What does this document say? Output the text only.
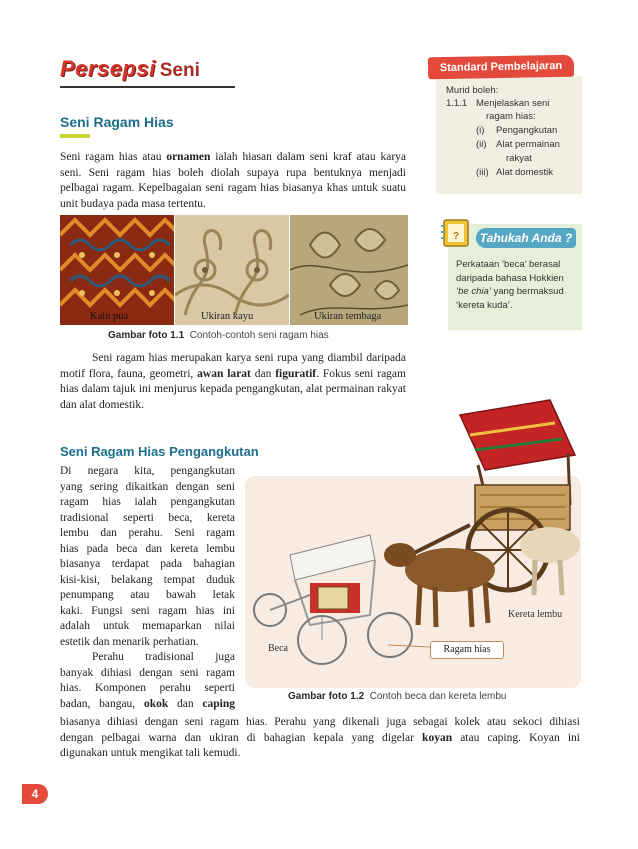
Persepsi Seni
Murid boleh:
1.1.1 Menjelaskan seni
ragam hias:
(i) Pengangkutan
(ii) Alat permainan
rakyat
(iii) Alat domestik
Standard Pembelajaran
Seni Ragam Hias
Seni ragam hias atau ornamen ialah hiasan dalam seni kraf atau karya seni. Seni ragam hias boleh diolah supaya rupa bentuknya menjadi pelbagai ragam. Kepelbagaian seni ragam hias biasanya khas untuk suatu unit budaya pada masa tertentu.
Kain pua	Ukiran kayu	Ukiran tembaga
Gambar foto 1.1 Contoh-contoh seni ragam hias
?	Tahukah Anda ?
Perkataan ‘beca’ berasal
daripada bahasa Hokkien
‘be chia’ yang bermaksud
‘kereta kuda’.
Seni ragam hias merupakan karya seni rupa yang diambil daripada motif flora, fauna, geometri, awan larat dan figuratif. Fokus seni ragam hias dalam tajuk ini menjurus kepada pengangkutan, alat permainan rakyat dan alat domestik.
Seni Ragam Hias Pengangkutan
Di negara kita, pengangkutan
yang sering dikaitkan dengan seni
ragam hias ialah pengangkutan
tradisional seperti beca, kereta
lembu dan perahu. Seni ragam
hias pada beca dan kereta lembu
biasanya terdapat pada bahagian
kisi-kisi, belakang tempat duduk
penumpang atau bawah letak
kaki. Fungsi seni ragam hias ini
adalah untuk memaparkan nilai
estetik dan menarik perhatian.
Perahu tradisional juga
banyak dihiasi dengan seni ragam
hias. Komponen perahu seperti
badan, bangau, okok dan caping
Beca	Ragam hias
Kereta lembu
Gambar foto 1.2 Contoh beca dan kereta lembu
biasanya dihiasi dengan seni ragam hias. Perahu yang dikenali juga sebagai kolek atau sekoci dihiasi
dengan pelbagai warna dan ukiran di bahagian kepala yang digelar koyan atau caping. Koyan ini
digunakan untuk mengikat tali kemudi.
4
